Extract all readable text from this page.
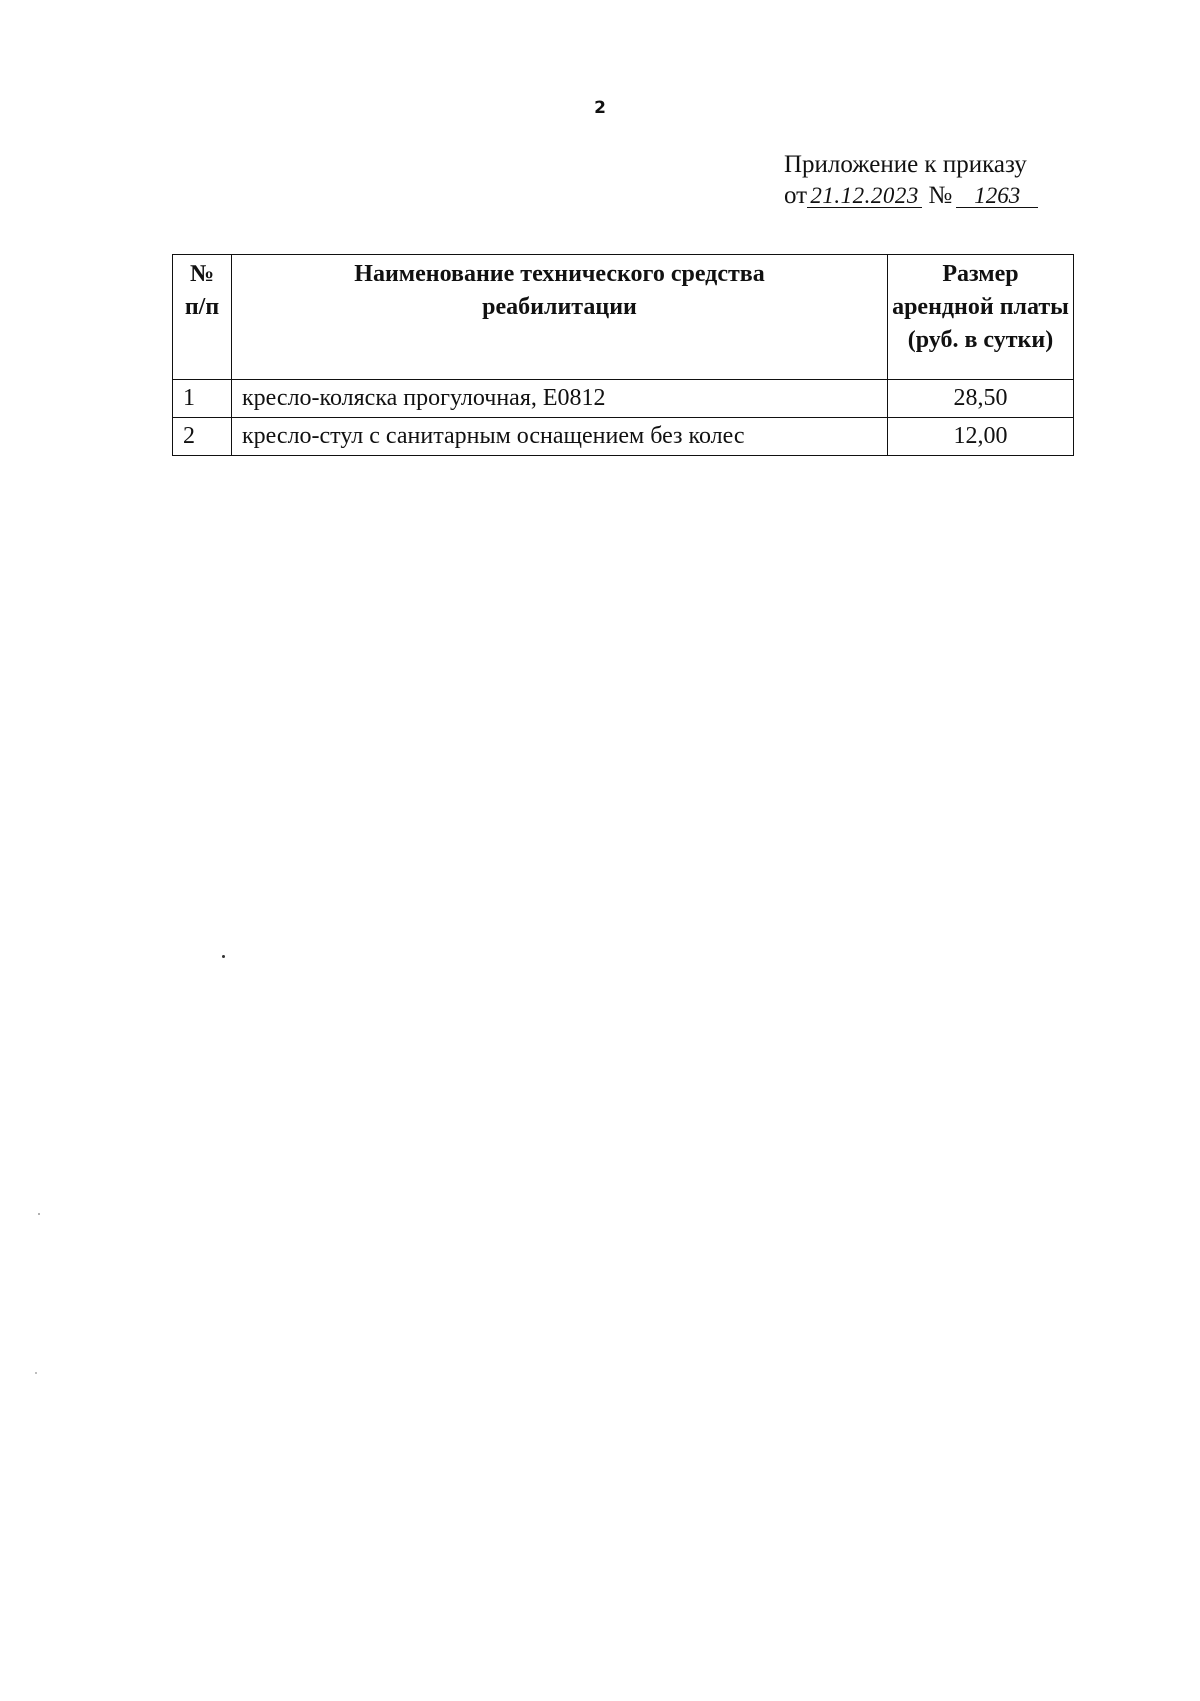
2
Приложение к приказу
от 21.12.2023 № 1263
№ п/п	Наименование технического средства реабилитации	Размер арендной платы (руб. в сутки)
1	кресло-коляска прогулочная, Е0812	28,50
2	кресло-стул с санитарным оснащением без колес	12,00
